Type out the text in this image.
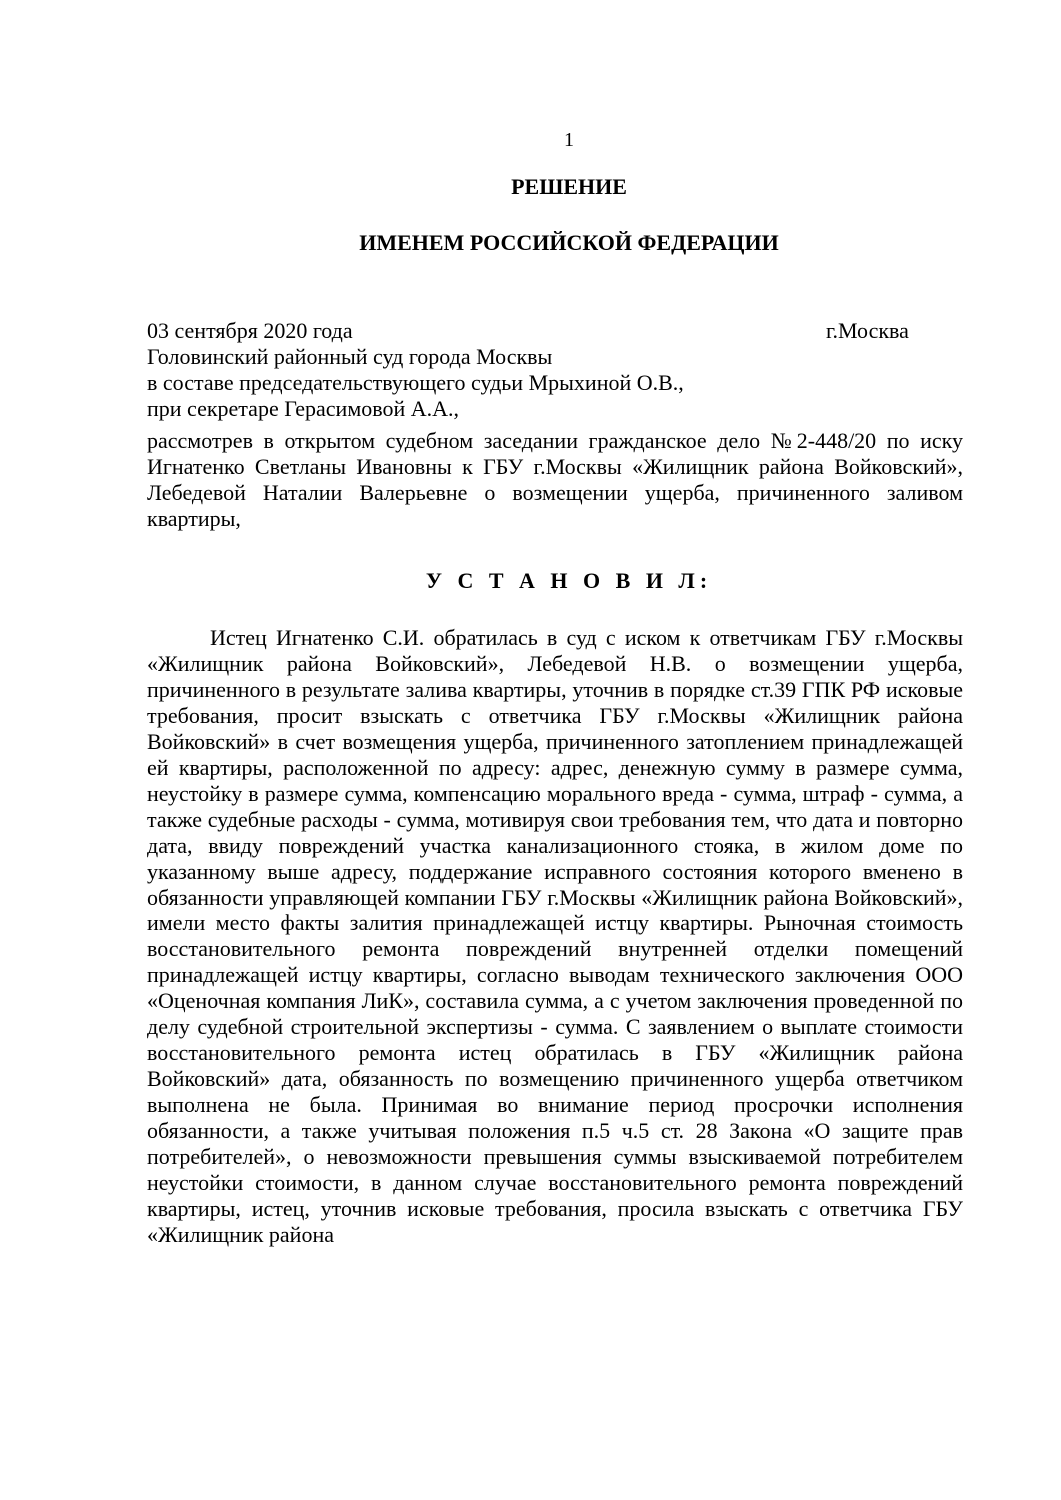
1
РЕШЕНИЕ
ИМЕНЕМ РОССИЙСКОЙ ФЕДЕРАЦИИ
03 сентября 2020 года	г.Москва
Головинский районный суд города Москвы
в составе председательствующего судьи Мрыхиной О.В.,
при секретаре Герасимовой А.А.,

рассмотрев в открытом судебном заседании гражданское дело №2-448/20 по иску Игнатенко Светланы Ивановны к ГБУ г.Москвы «Жилищник района Войковский», Лебедевой Наталии Валерьевне о возмещении ущерба, причиненного заливом квартиры,

У С Т А Н О В И Л:

Истец Игнатенко С.И. обратилась в суд с иском к ответчикам ГБУ г.Москвы «Жилищник района Войковский», Лебедевой Н.В. о возмещении ущерба, причиненного в результате залива квартиры, уточнив в порядке ст.39 ГПК РФ исковые требования, просит взыскать с ответчика ГБУ г.Москвы «Жилищник района Войковский» в счет возмещения ущерба, причиненного затоплением принадлежащей ей квартиры, расположенной по адресу: адрес, денежную сумму в размере сумма, неустойку в размере сумма, компенсацию морального вреда - сумма, штраф - сумма, а также судебные расходы - сумма, мотивируя свои требования тем, что дата и повторно дата, ввиду повреждений участка канализационного стояка, в жилом доме по указанному выше адресу, поддержание исправного состояния которого вменено в обязанности управляющей компании ГБУ г.Москвы «Жилищник района Войковский», имели место факты залития принадлежащей истцу квартиры. Рыночная стоимость восстановительного ремонта повреждений внутренней отделки помещений принадлежащей истцу квартиры, согласно выводам технического заключения ООО «Оценочная компания ЛиК», составила сумма, а с учетом заключения проведенной по делу судебной строительной экспертизы - сумма. С заявлением о выплате стоимости восстановительного ремонта истец обратилась в ГБУ «Жилищник района Войковский» дата, обязанность по возмещению причиненного ущерба ответчиком выполнена не была. Принимая во внимание период просрочки исполнения обязанности, а также учитывая положения п.5 ч.5 ст. 28 Закона «О защите прав потребителей», о невозможности превышения суммы взыскиваемой потребителем неустойки стоимости, в данном случае восстановительного ремонта повреждений квартиры, истец, уточнив исковые требования, просила взыскать с ответчика ГБУ «Жилищник района
